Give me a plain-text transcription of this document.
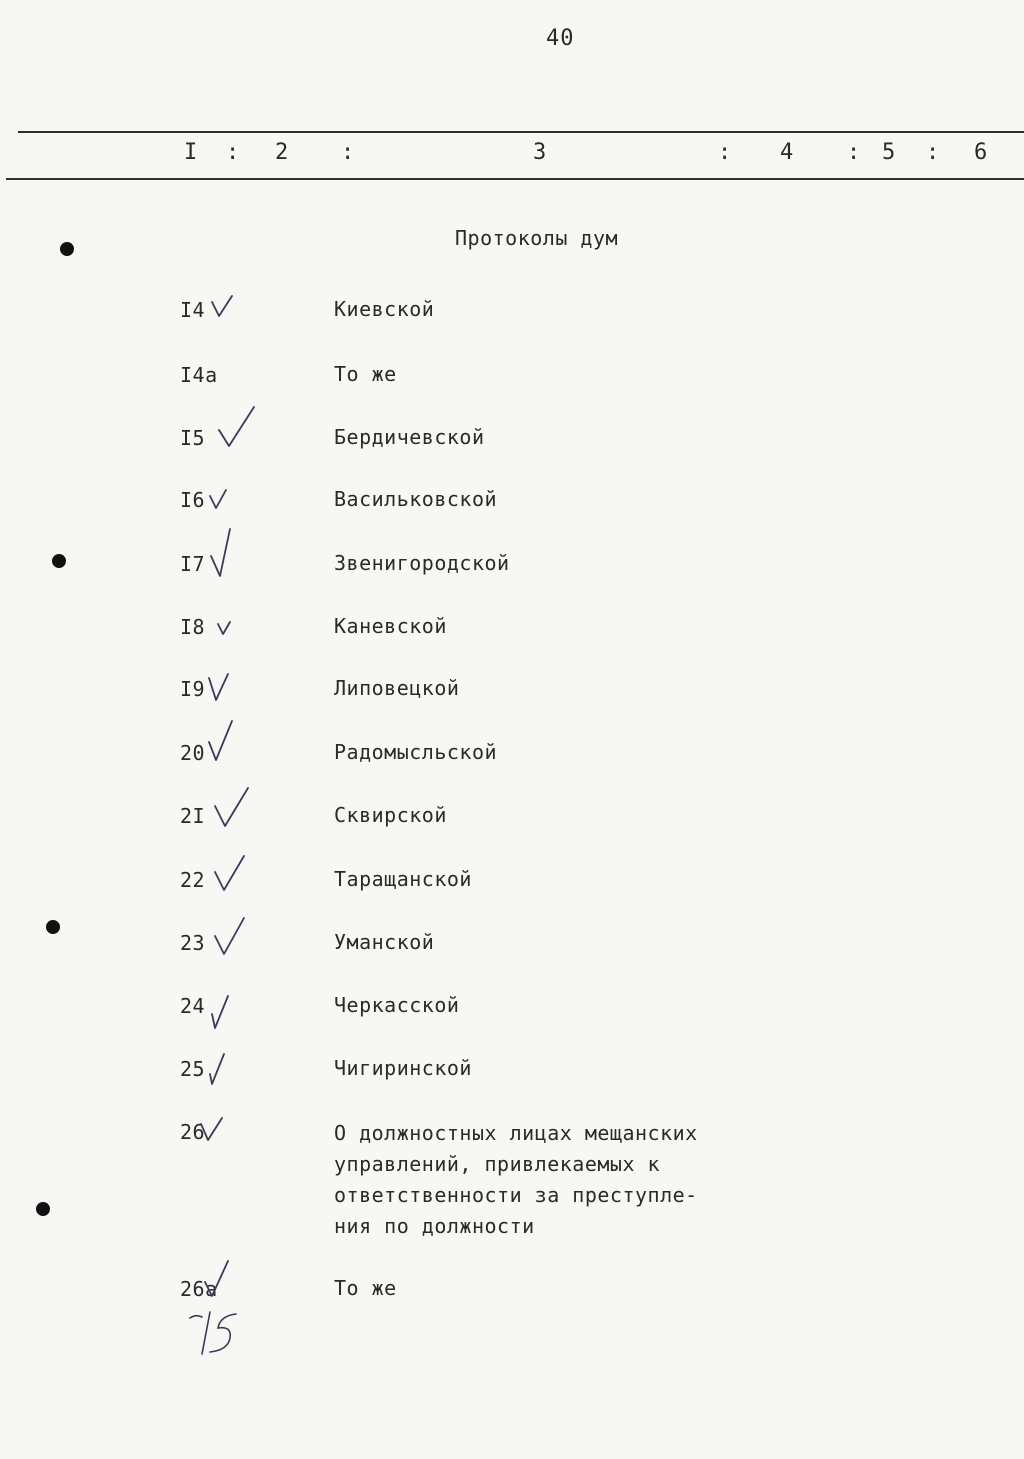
40
I : 2 :	3	: 4 : 5 : 6
Протоколы дум
I4	Киевской
I4a	То же
I5	Бердичевской
I6	Васильковской
I7	Звенигородской
I8	Каневской
I9	Липовецкой
20	Радомысльской
2I	Сквирской
22	Таращанской
23	Уманской
24	Черкасской
25	Чигиринской
26	О должностных лицах мещанских
управлений, привлекаемых к
ответственности за преступле-
ния по должности
26а	То же
